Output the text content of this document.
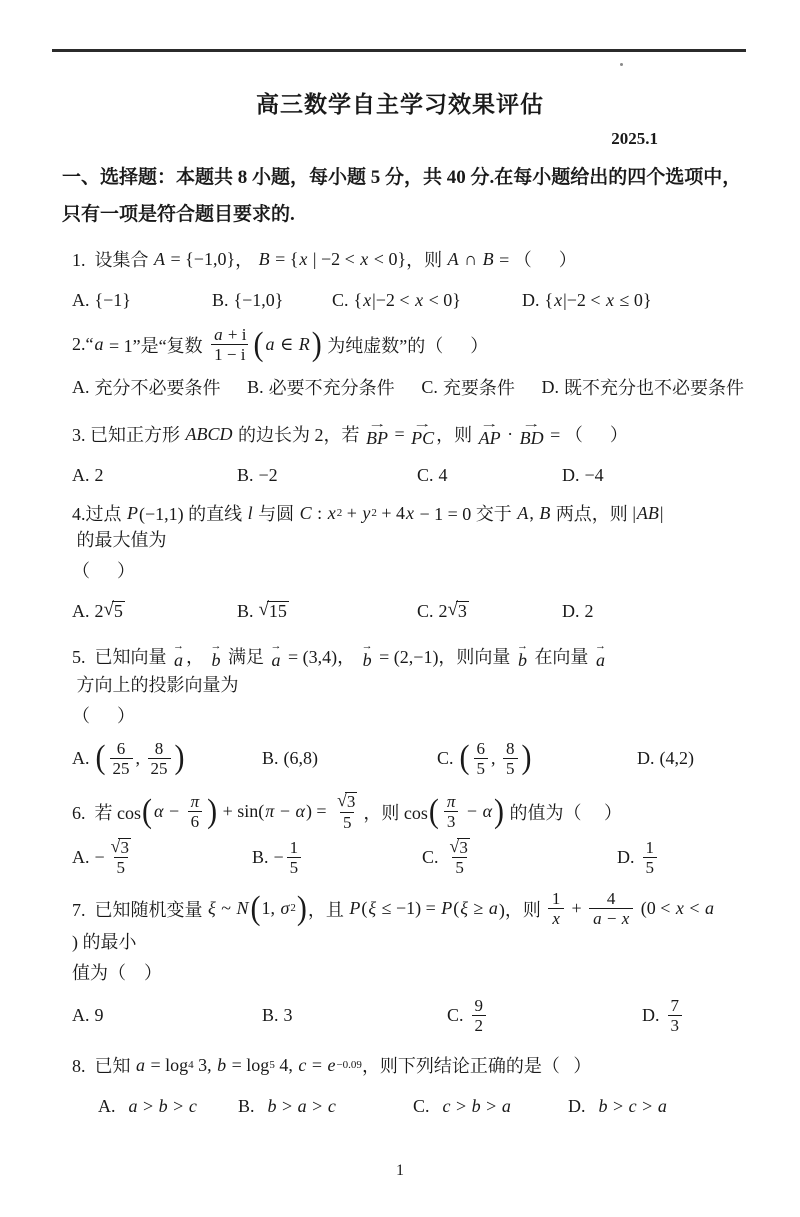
高三数学自主学习效果评估
2025.1
一、选择题：本题共 8 小题，每小题 5 分，共 40 分.在每小题给出的四个选项中，
只有一项是符合题目要求的.
1.  设集合 A = {−1,0} ， B = { x | −2 < x < 0 } ，则 A ∩ B = （      ）
A. {−1}	B. {−1,0}	C. { x |−2 < x < 0 }	D. { x |−2 < x ≤ 0 }
2.“ a = 1”是“复数 $\frac{a + i}{1 - i}$ ( a ∈ R ) 为纯虚数”的（      ）
A. 充分不必要条件 B. 必要不充分条件 C. 充要条件 D. 既不充分也不必要条件
3. 已知正方形 ABCD 的边长为 2，若
→
BP = →
PC ，则
→
AP · →
BD = （      ）
A. 2	B. −2	C. 4	D. −4
4.过点 P (−1,1) 的直线 l 与圆 C : x 2 + y 2 + 4 x − 1 = 0 交于 A , B 两点，则 | AB |
的最大值为
（      ）
A. 2 √ 5	B. √ 15	C. 2 √ 3	D. 2
5.  已知向量
→
a ，
→
b 满足
→
a = (3,4)，
→
b = (2,−1)，则向量
→
b 在向量
→
a
方向上的投影向量为
（      ）
A. ( $\frac{6}{25}$ , $\frac{8}{25}$ )	B. (6,8)	C. ( $\frac{6}{5}$ , $\frac{8}{5}$ )	D. (4,2)
6.  若 cos ( $\alpha - \frac{\pi}{6}$ ) + sin( π − α ) = $\frac{√ 3}{5}$ ，则 cos ( $\frac{\pi}{3} - \alpha$ ) 的值为（     ）
A. − $\frac{√ 3}{5}$	B. − $\frac{1}{5}$	C. $\frac{√ 3}{5}$	D. $\frac{1}{5}$
7.  已知随机变量 ξ ~ N ( 1, σ 2 ) ，且 P ( ξ ≤ −1) = P ( ξ ≥ a )，则 $\frac{1}{x} + \frac{4}{a - x} (0 < x < a$
) 的最小
值为（    ）
A. 9	B. 3	C. $\frac{9}{2}$	D. $\frac{7}{3}$
8.  已知 a = log 4 3, b = log 5 4, c = e −0.09 ，则下列结论正确的是（   ）
A. a > b > c B. b > a > c	C. c > b > a	D. b > c > a
1
